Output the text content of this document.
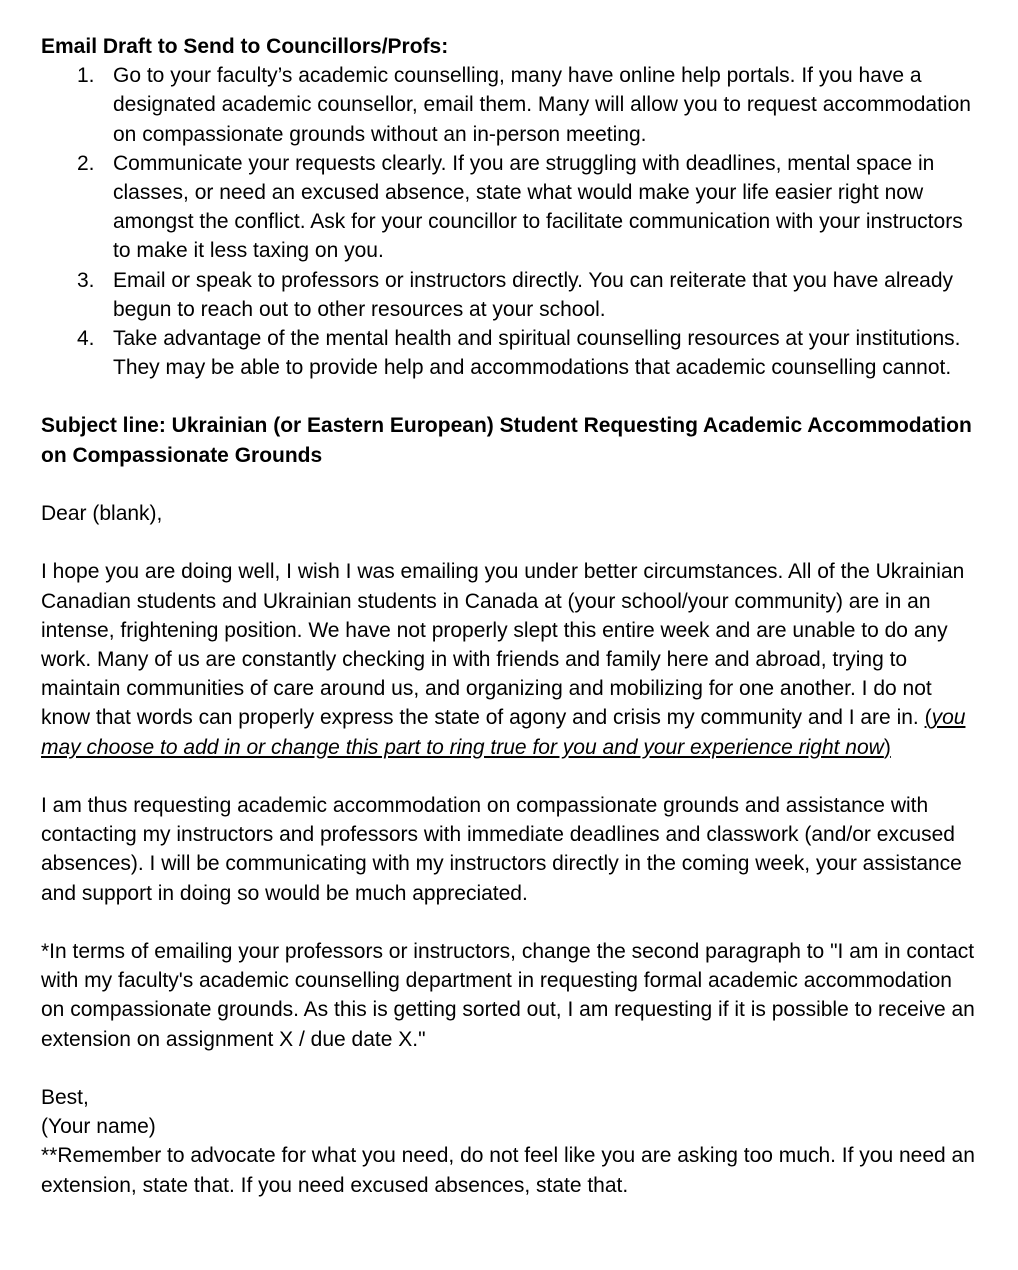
Email Draft to Send to Councillors/Profs:

1. Go to your faculty’s academic counselling, many have online help portals. If you have a designated academic counsellor, email them. Many will allow you to request accommodation on compassionate grounds without an in-person meeting.
2. Communicate your requests clearly. If you are struggling with deadlines, mental space in classes, or need an excused absence, state what would make your life easier right now amongst the conflict. Ask for your councillor to facilitate communication with your instructors to make it less taxing on you.
3. Email or speak to professors or instructors directly. You can reiterate that you have already begun to reach out to other resources at your school.
4. Take advantage of the mental health and spiritual counselling resources at your institutions. They may be able to provide help and accommodations that academic counselling cannot.

Subject line: Ukrainian (or Eastern European) Student Requesting Academic Accommodation on Compassionate Grounds

Dear (blank),

I hope you are doing well, I wish I was emailing you under better circumstances. All of the Ukrainian Canadian students and Ukrainian students in Canada at (your school/your community) are in an intense, frightening position. We have not properly slept this entire week and are unable to do any work. Many of us are constantly checking in with friends and family here and abroad, trying to maintain communities of care around us, and organizing and mobilizing for one another. I do not know that words can properly express the state of agony and crisis my community and I are in. (you may choose to add in or change this part to ring true for you and your experience right now)

I am thus requesting academic accommodation on compassionate grounds and assistance with contacting my instructors and professors with immediate deadlines and classwork (and/or excused absences). I will be communicating with my instructors directly in the coming week, your assistance and support in doing so would be much appreciated.

*In terms of emailing your professors or instructors, change the second paragraph to "I am in contact with my faculty's academic counselling department in requesting formal academic accommodation on compassionate grounds. As this is getting sorted out, I am requesting if it is possible to receive an extension on assignment X / due date X."

Best,

(Your name)

**Remember to advocate for what you need, do not feel like you are asking too much. If you need an extension, state that. If you need excused absences, state that.
